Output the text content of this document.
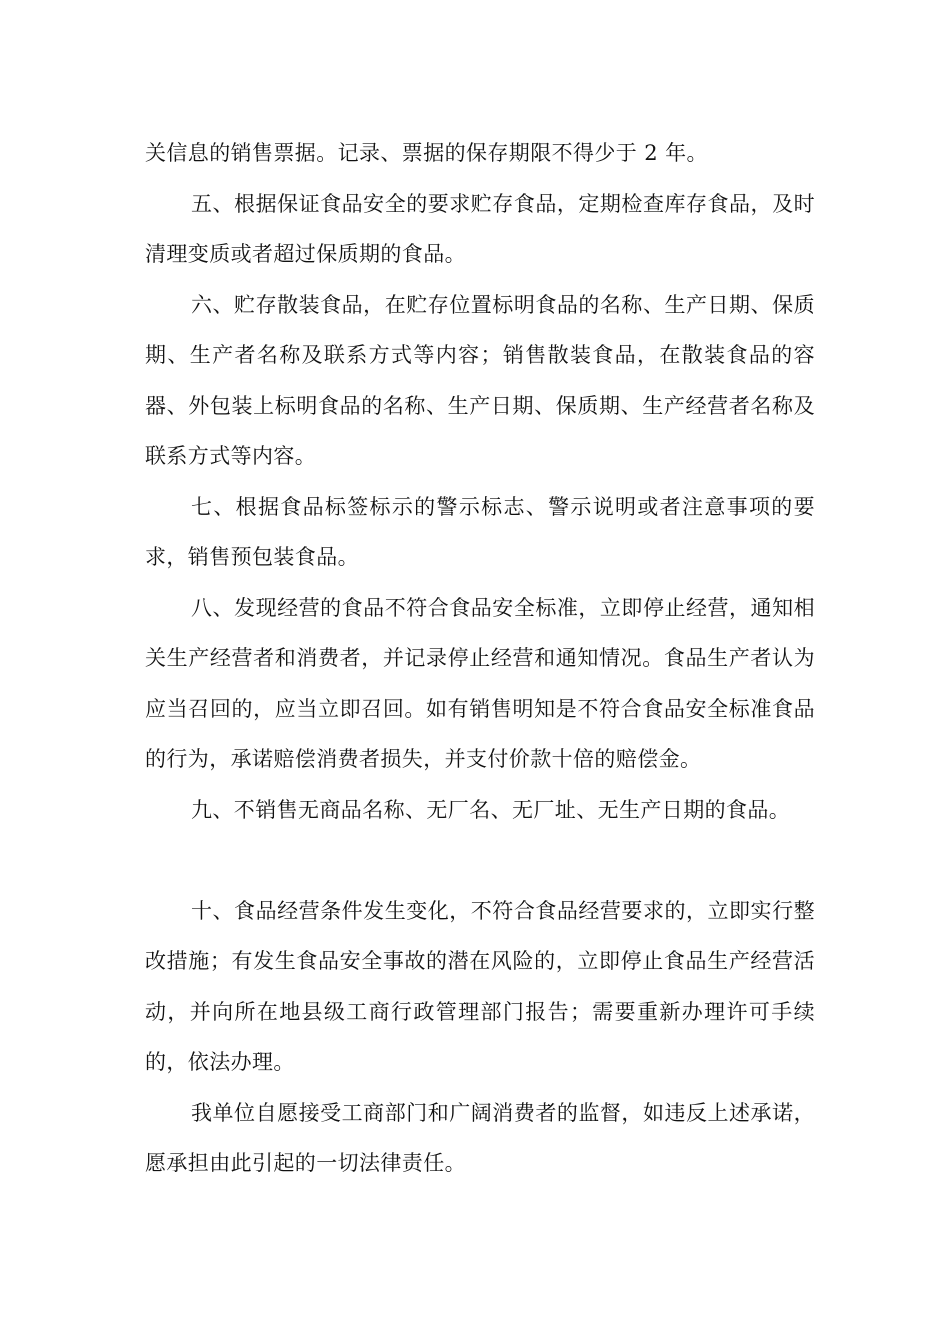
关信息的销售票据。记录、票据的保存期限不得少于 2 年。

五、根据保证食品安全的要求贮存食品，定期检查库存食品，及时清理变质或者超过保质期的食品。

六、贮存散装食品，在贮存位置标明食品的名称、生产日期、保质期、生产者名称及联系方式等内容；销售散装食品，在散装食品的容器、外包装上标明食品的名称、生产日期、保质期、生产经营者名称及联系方式等内容。

七、根据食品标签标示的警示标志、警示说明或者注意事项的要求，销售预包装食品。

八、发现经营的食品不符合食品安全标准，立即停止经营，通知相关生产经营者和消费者，并记录停止经营和通知情况。食品生产者认为应当召回的，应当立即召回。如有销售明知是不符合食品安全标准食品的行为，承诺赔偿消费者损失，并支付价款十倍的赔偿金。

九、不销售无商品名称、无厂名、无厂址、无生产日期的食品。

十、食品经营条件发生变化，不符合食品经营要求的，立即实行整改措施；有发生食品安全事故的潜在风险的，立即停止食品生产经营活动，并向所在地县级工商行政管理部门报告；需要重新办理许可手续的，依法办理。

我单位自愿接受工商部门和广阔消费者的监督，如违反上述承诺，愿承担由此引起的一切法律责任。
